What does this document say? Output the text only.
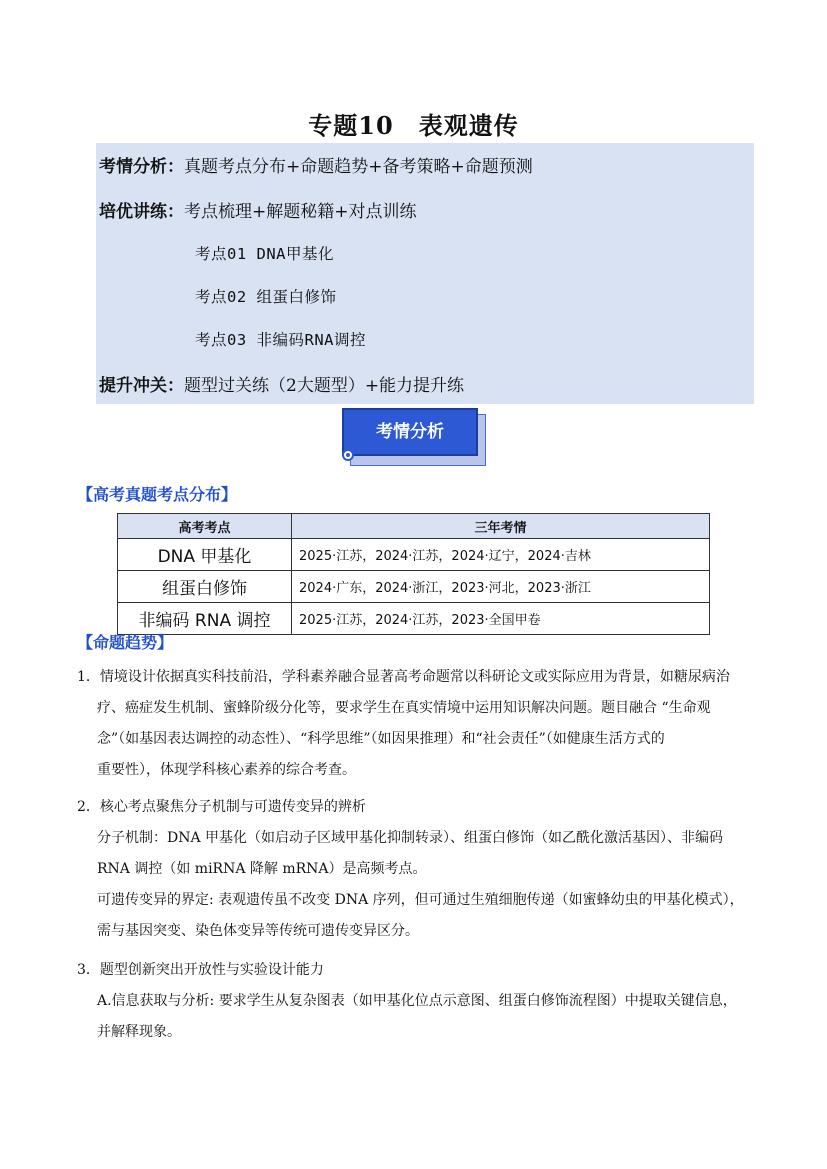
专题10　表观遗传
考情分析：真题考点分布+命题趋势+备考策略+命题预测
培优讲练：考点梳理+解题秘籍+对点训练
考点01 DNA甲基化
考点02 组蛋白修饰
考点03 非编码RNA调控
提升冲关：题型过关练（2大题型）+能力提升练
考情分析
【高考真题考点分布】
高考考点	三年考情
DNA 甲基化	2025·江苏，2024·江苏，2024·辽宁，2024·吉林
组蛋白修饰	2024·广东，2024·浙江，2023·河北，2023·浙江
非编码 RNA 调控	2025·江苏，2024·江苏，2023·全国甲卷
【命题趋势】
1．情境设计依据真实科技前沿，学科素养融合显著高考命题常以科研论文或实际应用为背景，如糖尿病治
疗、癌症发生机制、蜜蜂阶级分化等，要求学生在真实情境中运用知识解决问题。题目融合 “生命观
念”（如基因表达调控的动态性）、“科学思维”（如因果推理）和“社会责任”（如健康生活方式的
重要性），体现学科核心素养的综合考查。
2．核心考点聚焦分子机制与可遗传变异的辨析
分子机制：DNA 甲基化（如启动子区域甲基化抑制转录）、组蛋白修饰（如乙酰化激活基因）、非编码
RNA 调控（如 miRNA 降解 mRNA）是高频考点。
可遗传变异的界定: 表观遗传虽不改变 DNA 序列，但可通过生殖细胞传递（如蜜蜂幼虫的甲基化模式），
需与基因突变、染色体变异等传统可遗传变异区分。
3．题型创新突出开放性与实验设计能力
A.信息获取与分析: 要求学生从复杂图表（如甲基化位点示意图、组蛋白修饰流程图）中提取关键信息，
并解释现象。
